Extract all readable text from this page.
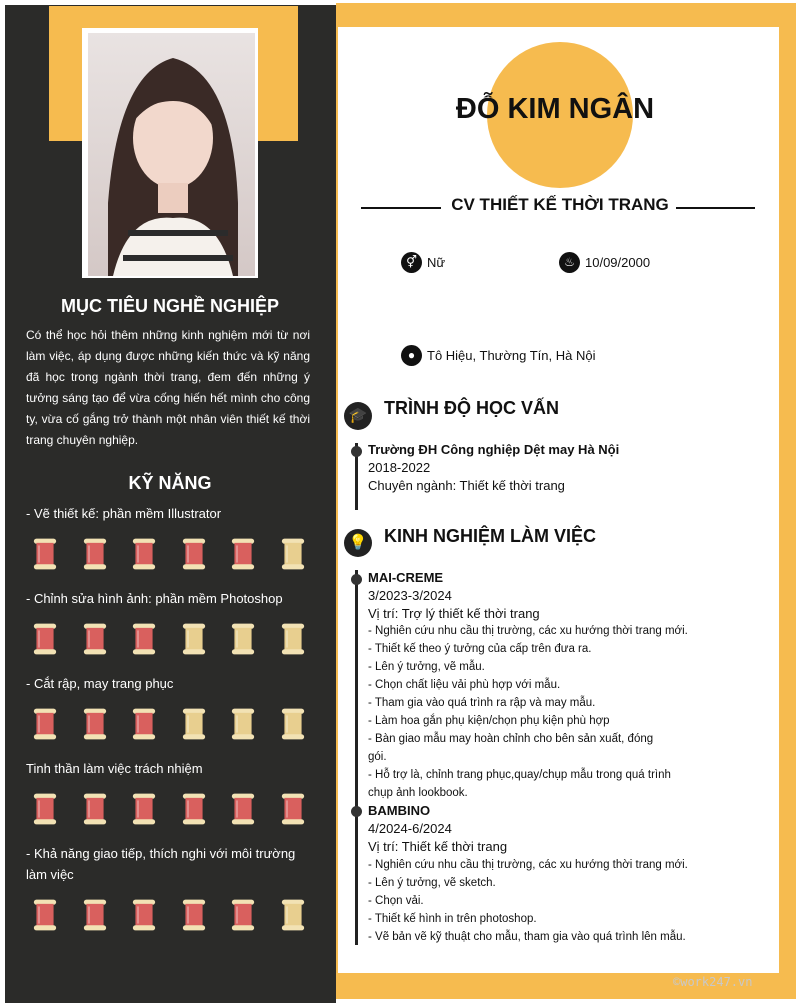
MỤC TIÊU NGHỀ NGHIỆP

Có thể học hỏi thêm những kinh nghiệm mới từ nơi làm việc, áp dụng được những kiến thức và kỹ năng đã học trong ngành thời trang, đem đến những ý tưởng sáng tạo để vừa cống hiến hết mình cho công ty, vừa cố gắng trở thành một nhân viên thiết kế thời trang chuyên nghiệp.

KỸ NĂNG
- Vẽ thiết kế: phần mềm Illustrator
- Chỉnh sửa hình ảnh: phần mềm Photoshop
- Cắt rập, may trang phục
Tinh thần làm việc trách nhiệm
- Khả năng giao tiếp, thích nghi với môi trường làm việc
ĐỖ KIM NGÂN
CV THIẾT KẾ THỜI TRANG
⚥ Nữ	♨ 10/09/2000
● Tô Hiệu, Thường Tín, Hà Nội
🎓 TRÌNH ĐỘ HỌC VẤN
Trường ĐH Công nghiệp Dệt may Hà Nội
2018-2022
Chuyên ngành: Thiết kế thời trang
💡 KINH NGHIỆM LÀM VIỆC
MAI-CREME
3/2023-3/2024
Vị trí: Trợ lý thiết kế thời trang
- Nghiên cứu nhu cầu thị trường, các xu hướng thời trang mới.
- Thiết kế theo ý tưởng của cấp trên đưa ra.
- Lên ý tưởng, vẽ mẫu.
- Chọn chất liệu vải phù hợp với mẫu.
- Tham gia vào quá trình ra rập và may mẫu.
- Làm hoa gắn phụ kiện/chọn phụ kiện phù hợp
- Bàn giao mẫu may hoàn chỉnh cho bên sản xuất, đóng gói.
- Hỗ trợ là, chỉnh trang phục,quay/chụp mẫu trong quá trình chụp ảnh lookbook.
BAMBINO
4/2024-6/2024
Vị trí: Thiết kế thời trang
- Nghiên cứu nhu cầu thị trường, các xu hướng thời trang mới.
- Lên ý tưởng, vẽ sketch.
- Chọn vải.
- Thiết kế hình in trên photoshop.
- Vẽ bản vẽ kỹ thuật cho mẫu, tham gia vào quá trình lên mẫu.
©work247.vn
